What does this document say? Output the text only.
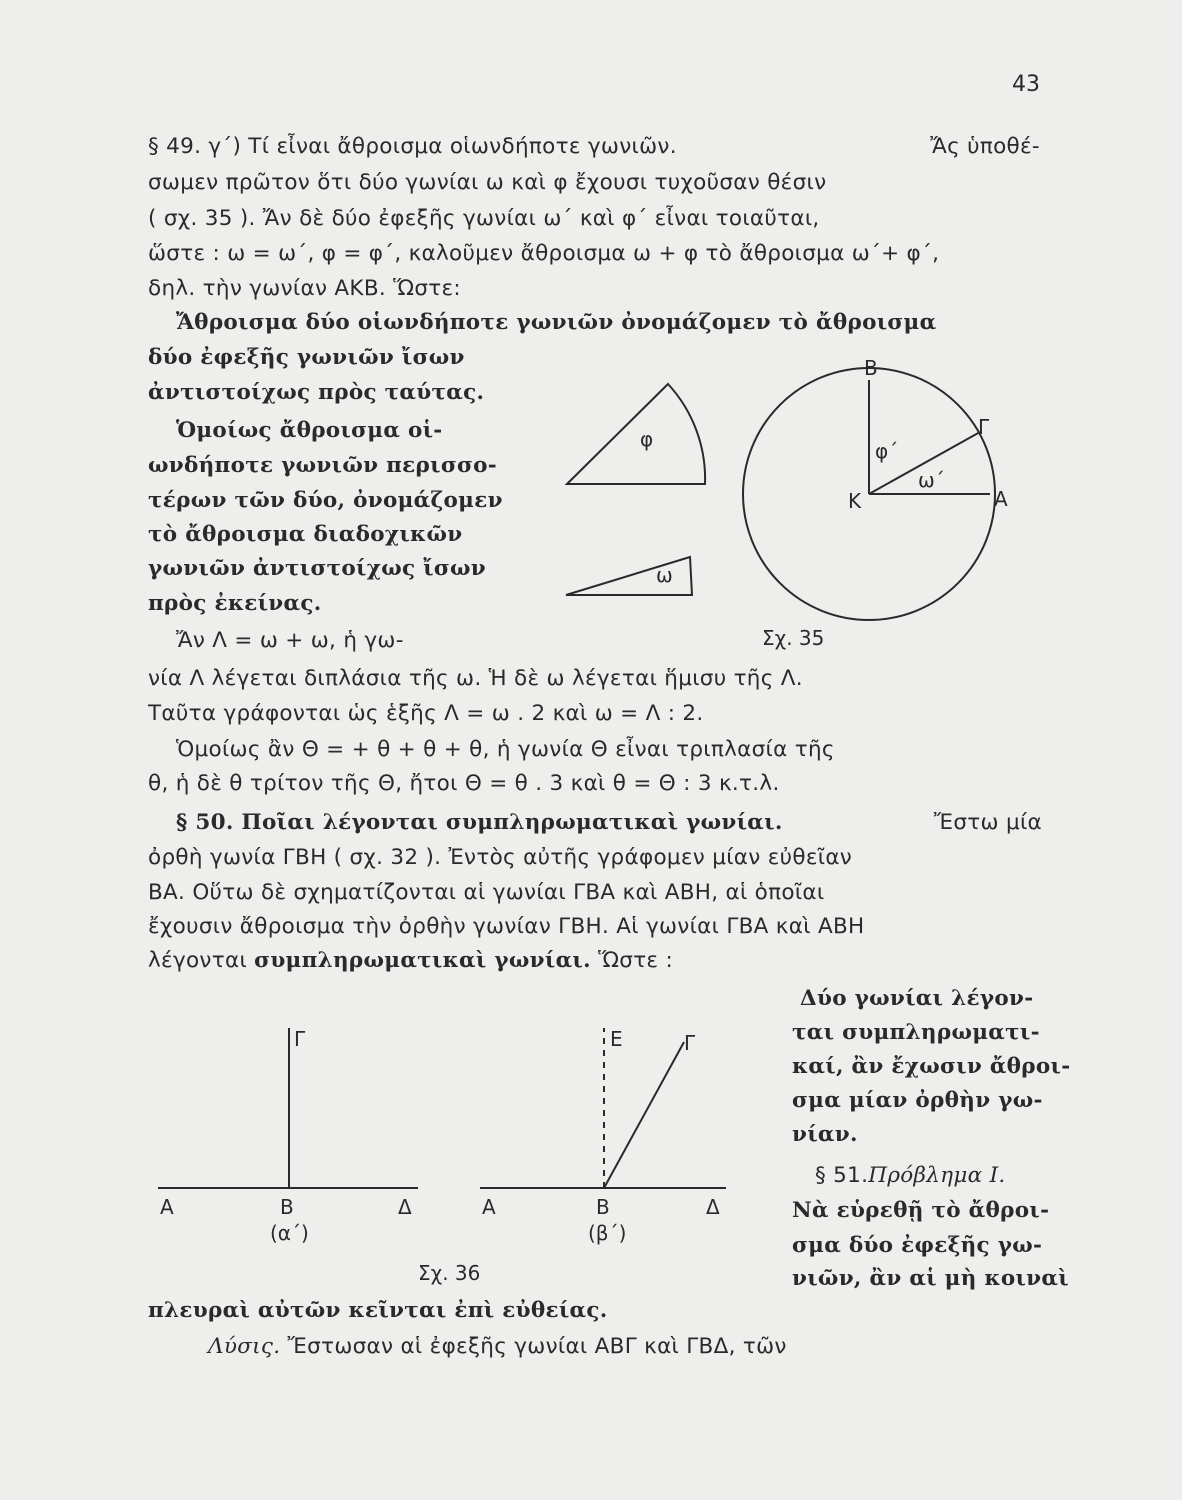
43
§ 49. γ΄) Τί εἶναι ἄθροισμα οἱωνδήποτε γωνιῶν.	Ἄς ὑποθέ-
σωμεν πρῶτον ὅτι δύο γωνίαι ω καὶ φ ἔχουσι τυχοῦσαν θέσιν
( σχ. 35 ). Ἄν δὲ δύο ἐφεξῆς γωνίαι ω΄ καὶ φ΄ εἶναι τοιαῦται,
ὥστε : ω = ω΄, φ = φ΄, καλοῦμεν ἄθροισμα ω + φ τὸ ἄθροισμα ω΄+ φ΄,
δηλ. τὴν γωνίαν ΑΚΒ. Ὥστε:
Ἄθροισμα δύο οἱωνδήποτε γωνιῶν ὀνομάζομεν τὸ ἄθροισμα
δύο ἐφεξῆς γωνιῶν ἴσων
ἀντιστοίχως πρὸς ταύτας.
Ὁμοίως ἄθροισμα οἱ-
ωνδήποτε γωνιῶν περισσο-
τέρων τῶν δύο, ὀνομάζομεν
τὸ ἄθροισμα διαδοχικῶν
γωνιῶν ἀντιστοίχως ἴσων
πρὸς ἐκείνας.
Ἄν Λ = ω + ω, ἡ γω-
νία Λ λέγεται διπλάσια τῆς ω. Ἡ δὲ ω λέγεται ἥμισυ τῆς Λ.
Ταῦτα γράφονται ὡς ἑξῆς Λ = ω . 2 καὶ ω = Λ : 2.
Ὁμοίως ἂν Θ = + θ + θ + θ, ἡ γωνία Θ εἶναι τριπλασία τῆς
θ, ἡ δὲ θ τρίτον τῆς Θ, ἤτοι Θ = θ . 3 καὶ θ = Θ : 3 κ.τ.λ.
φ
ω
φ΄
ω΄
Β
Γ
Κ	Α
Σχ. 35
§ 50. Ποῖαι λέγονται συμπληρωματικαὶ γωνίαι.	Ἔστω μία
ὀρθὴ γωνία ΓΒΗ ( σχ. 32 ). Ἐντὸς αὐτῆς γράφομεν μίαν εὐθεῖαν
ΒΑ. Οὕτω δὲ σχηματίζονται αἱ γωνίαι ΓΒΑ καὶ ΑΒΗ, αἱ ὁποῖαι
ἔχουσιν ἄθροισμα τὴν ὀρθὴν γωνίαν ΓΒΗ. Αἱ γωνίαι ΓΒΑ καὶ ΑΒΗ
λέγονται συμπληρωματικαὶ γωνίαι. Ὥστε :
Δύο γωνίαι λέγον-
ται συμπληρωματι-
καί, ἂν ἔχωσιν ἄθροι-
σμα μίαν ὀρθὴν γω-
νίαν.
§ 51.Πρόβλημα Ι.
Νὰ εὑρεθῇ τὸ ἄθροι-
σμα δύο ἐφεξῆς γω-
νιῶν, ἂν αἱ μὴ κοιναὶ
πλευραὶ αὐτῶν κεῖνται ἐπὶ εὐθείας.
Λύσις. Ἔστωσαν αἱ ἐφεξῆς γωνίαι ΑΒΓ καὶ ΓΒΔ, τῶν
Γ
Α	Β	Δ
(α΄)
Ε	Γ
Α	Β	Δ
(β΄)
Σχ. 36
